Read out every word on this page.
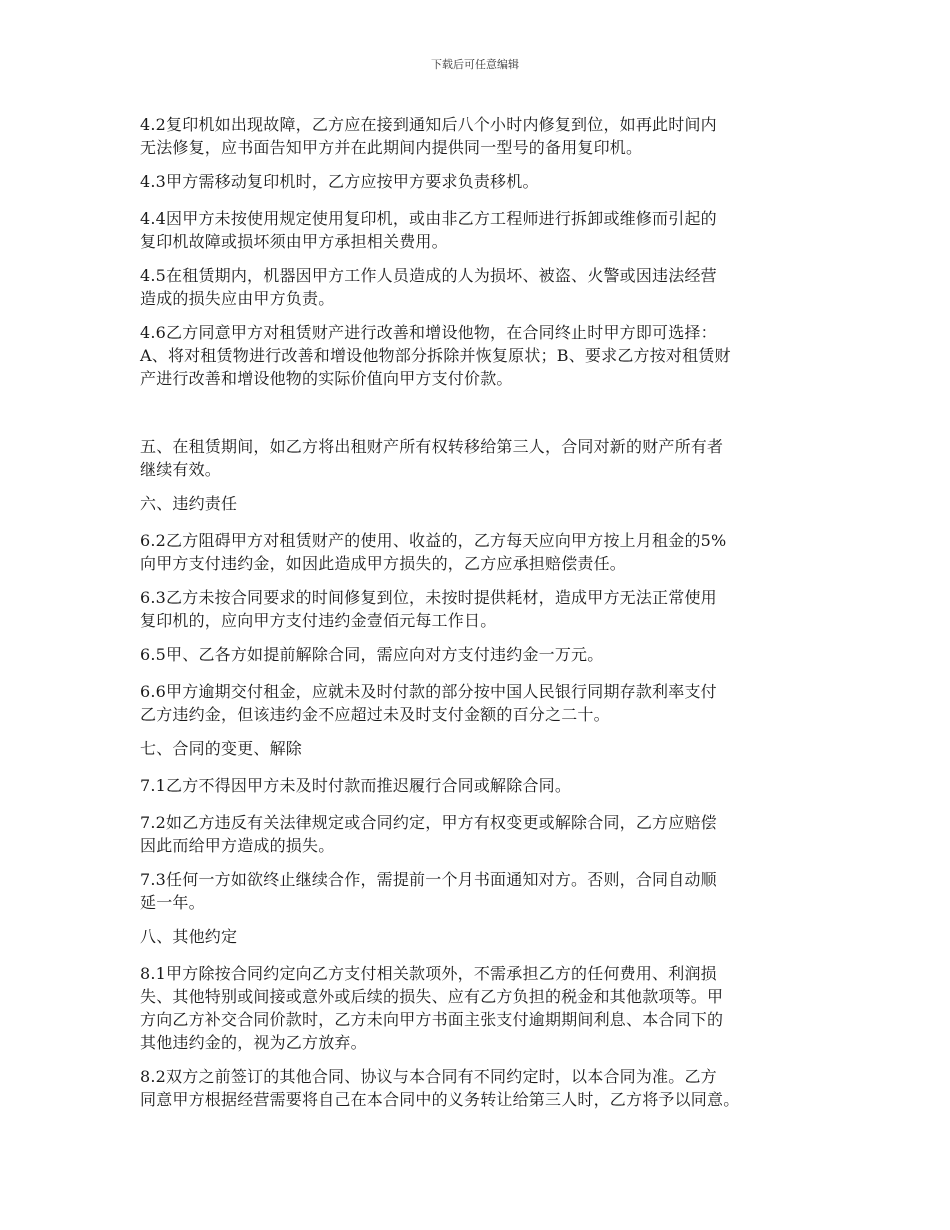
下载后可任意编辑

4.2复印机如出现故障，乙方应在接到通知后八个小时内修复到位，如再此时间内
无法修复，应书面告知甲方并在此期间内提供同一型号的备用复印机。

4.3甲方需移动复印机时，乙方应按甲方要求负责移机。

4.4因甲方未按使用规定使用复印机，或由非乙方工程师进行拆卸或维修而引起的
复印机故障或损坏须由甲方承担相关费用。

4.5在租赁期内，机器因甲方工作人员造成的人为损坏、被盗、火警或因违法经营
造成的损失应由甲方负责。

4.6乙方同意甲方对租赁财产进行改善和增设他物，在合同终止时甲方即可选择：
A、将对租赁物进行改善和增设他物部分拆除并恢复原状；B、要求乙方按对租赁财
产进行改善和增设他物的实际价值向甲方支付价款。

五、在租赁期间，如乙方将出租财产所有权转移给第三人，合同对新的财产所有者
继续有效。

六、违约责任

6.2乙方阻碍甲方对租赁财产的使用、收益的，乙方每天应向甲方按上月租金的5%
向甲方支付违约金，如因此造成甲方损失的，乙方应承担赔偿责任。

6.3乙方未按合同要求的时间修复到位，未按时提供耗材，造成甲方无法正常使用
复印机的，应向甲方支付违约金壹佰元每工作日。

6.5甲、乙各方如提前解除合同，需应向对方支付违约金一万元。

6.6甲方逾期交付租金，应就未及时付款的部分按中国人民银行同期存款利率支付
乙方违约金，但该违约金不应超过未及时支付金额的百分之二十。

七、合同的变更、解除

7.1乙方不得因甲方未及时付款而推迟履行合同或解除合同。

7.2如乙方违反有关法律规定或合同约定，甲方有权变更或解除合同，乙方应赔偿
因此而给甲方造成的损失。

7.3任何一方如欲终止继续合作，需提前一个月书面通知对方。否则，合同自动顺
延一年。

八、其他约定

8.1甲方除按合同约定向乙方支付相关款项外，不需承担乙方的任何费用、利润损
失、其他特别或间接或意外或后续的损失、应有乙方负担的税金和其他款项等。甲
方向乙方补交合同价款时，乙方未向甲方书面主张支付逾期期间利息、本合同下的
其他违约金的，视为乙方放弃。

8.2双方之前签订的其他合同、协议与本合同有不同约定时，以本合同为准。乙方
同意甲方根据经营需要将自己在本合同中的义务转让给第三人时，乙方将予以同意。
